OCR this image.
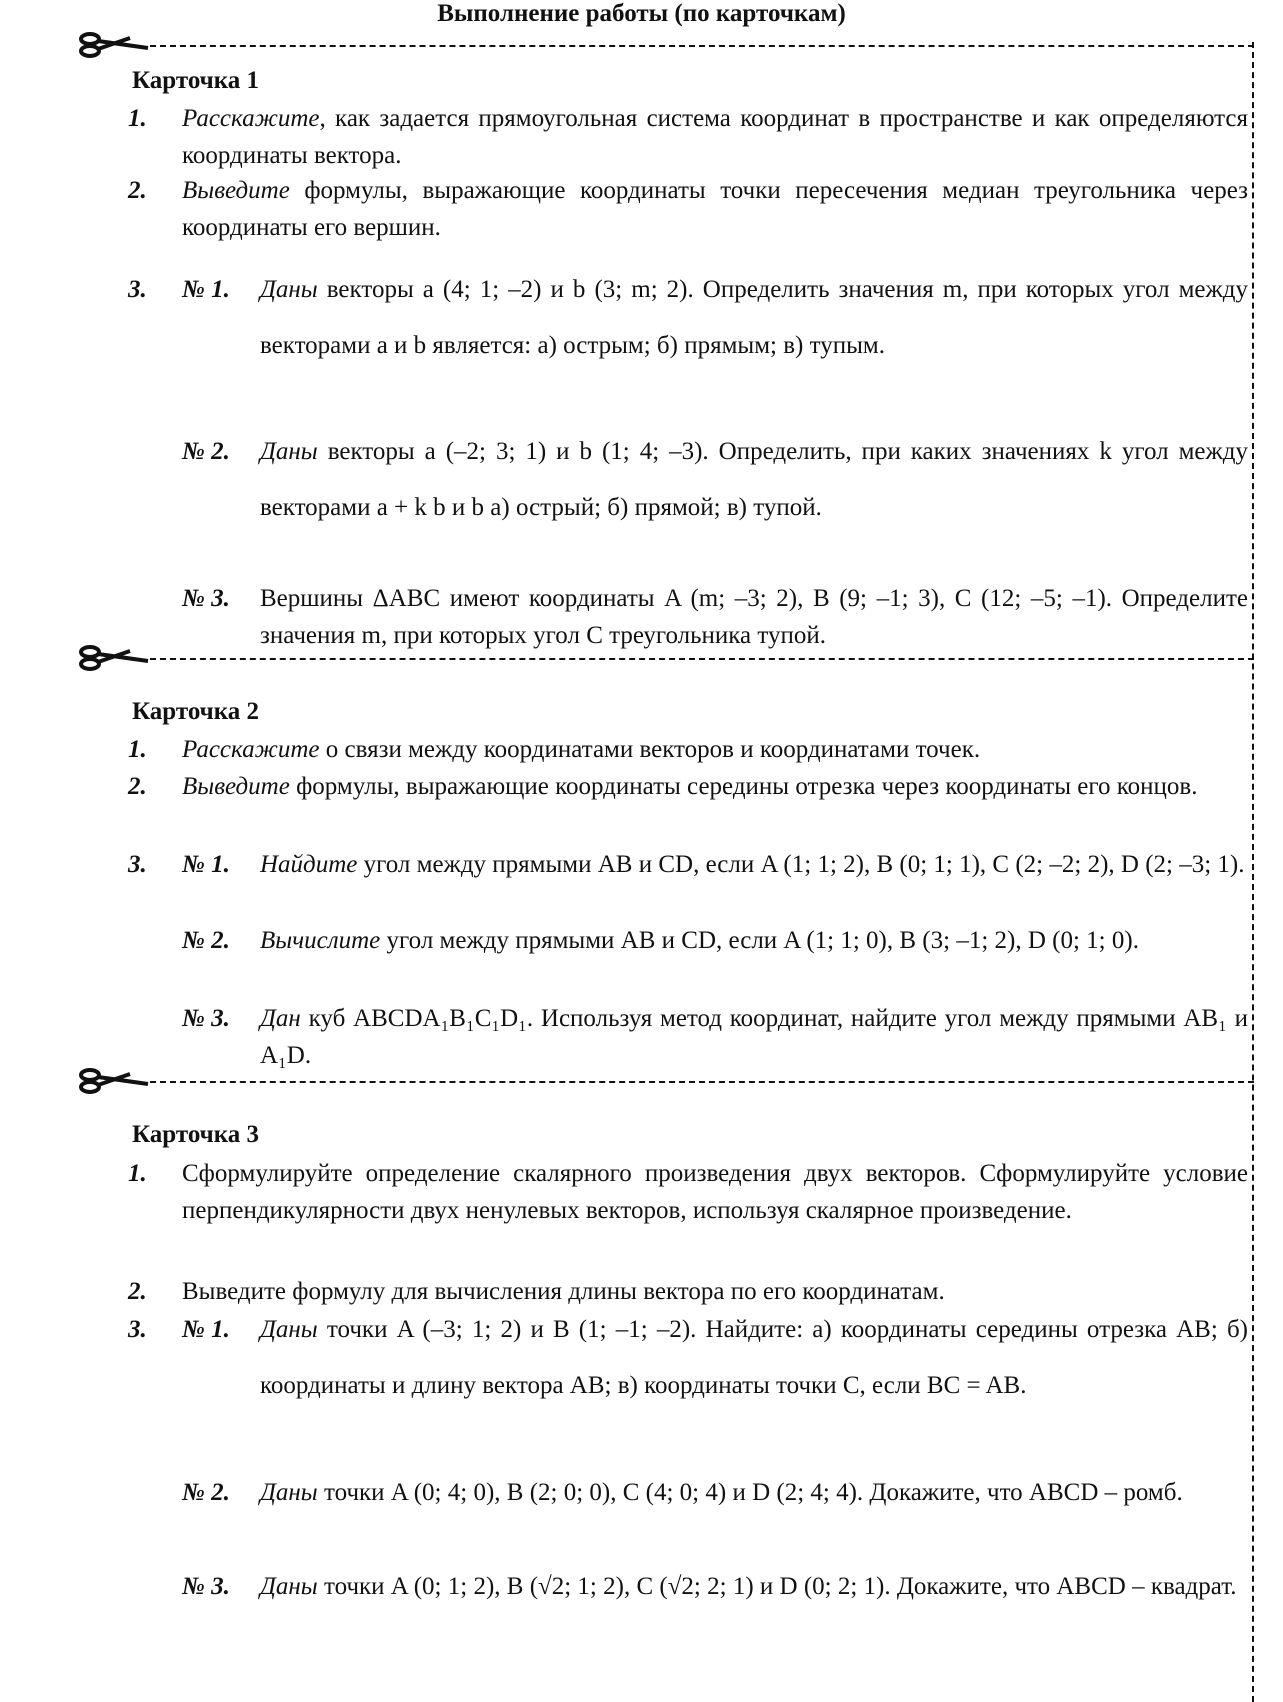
Выполнение работы (по карточкам)
Карточка 1
1. Расскажите, как задается прямоугольная система координат в пространстве и как определяются координаты вектора.
2. Выведите формулы, выражающие координаты точки пересечения медиан треугольника через координаты его вершин.
3. № 1. Даны векторы a (4; 1; –2) и b (3; m; 2). Определить значения m, при которых угол между векторами a и b является: а) острым; б) прямым; в) тупым.
№ 2. Даны векторы a (–2; 3; 1) и b (1; 4; –3). Определить, при каких значениях k угол между векторами a + k b и b а) острый; б) прямой; в) тупой.
№ 3. Вершины ΔABC имеют координаты A (m; –3; 2), B (9; –1; 3), C (12; –5; –1). Определите значения m, при которых угол C треугольника тупой.
Карточка 2
1. Расскажите о связи между координатами векторов и координатами точек.
2. Выведите формулы, выражающие координаты середины отрезка через координаты его концов.
3. № 1. Найдите угол между прямыми AB и CD, если A (1; 1; 2), B (0; 1; 1), C (2; –2; 2), D (2; –3; 1).
№ 2. Вычислите угол между прямыми AB и CD, если A (1; 1; 0), B (3; –1; 2), D (0; 1; 0).
№ 3. Дан куб ABCDA₁B₁C₁D₁. Используя метод координат, найдите угол между прямыми AB₁ и A₁D.
Карточка 3
1. Сформулируйте определение скалярного произведения двух векторов. Сформулируйте условие перпендикулярности двух ненулевых векторов, используя скалярное произведение.
2. Выведите формулу для вычисления длины вектора по его координатам.
3. № 1. Даны точки A (–3; 1; 2) и B (1; –1; –2). Найдите: а) координаты середины отрезка AB; б) координаты и длину вектора AB; в) координаты точки C, если BC = AB.
№ 2. Даны точки A (0; 4; 0), B (2; 0; 0), C (4; 0; 4) и D (2; 4; 4). Докажите, что ABCD – ромб.
№ 3. Даны точки A (0; 1; 2), B (√2; 1; 2), C (√2; 2; 1) и D (0; 2; 1). Докажите, что ABCD – квадрат.
